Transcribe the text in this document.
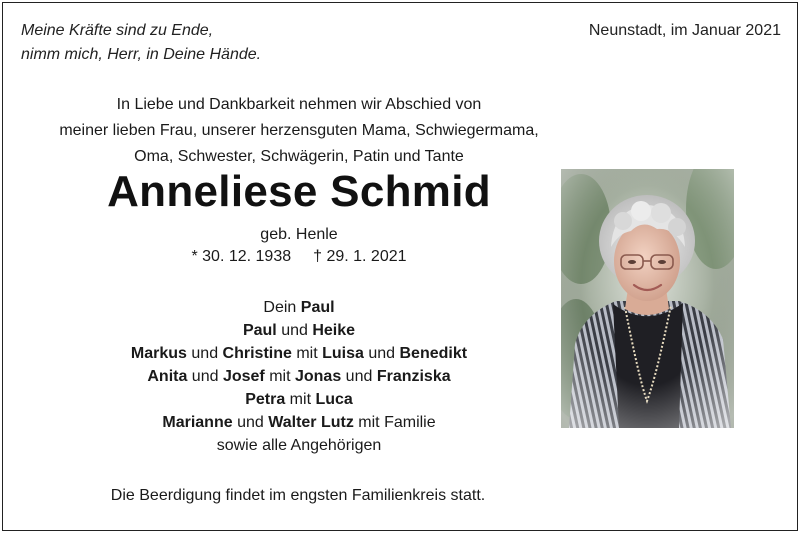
Meine Kräfte sind zu Ende,
nimm mich, Herr, in Deine Hände.
Neunstadt, im Januar 2021
In Liebe und Dankbarkeit nehmen wir Abschied von
meiner lieben Frau, unserer herzensguten Mama, Schwiegermama,
Oma, Schwester, Schwägerin, Patin und Tante
Anneliese Schmid
geb. Henle
* 30. 12. 1938 † 29. 1. 2021
Dein Paul
Paul und Heike
Markus und Christine mit Luisa und Benedikt
Anita und Josef mit Jonas und Franziska
Petra mit Luca
Marianne und Walter Lutz mit Familie
sowie alle Angehörigen
Die Beerdigung findet im engsten Familienkreis statt.
